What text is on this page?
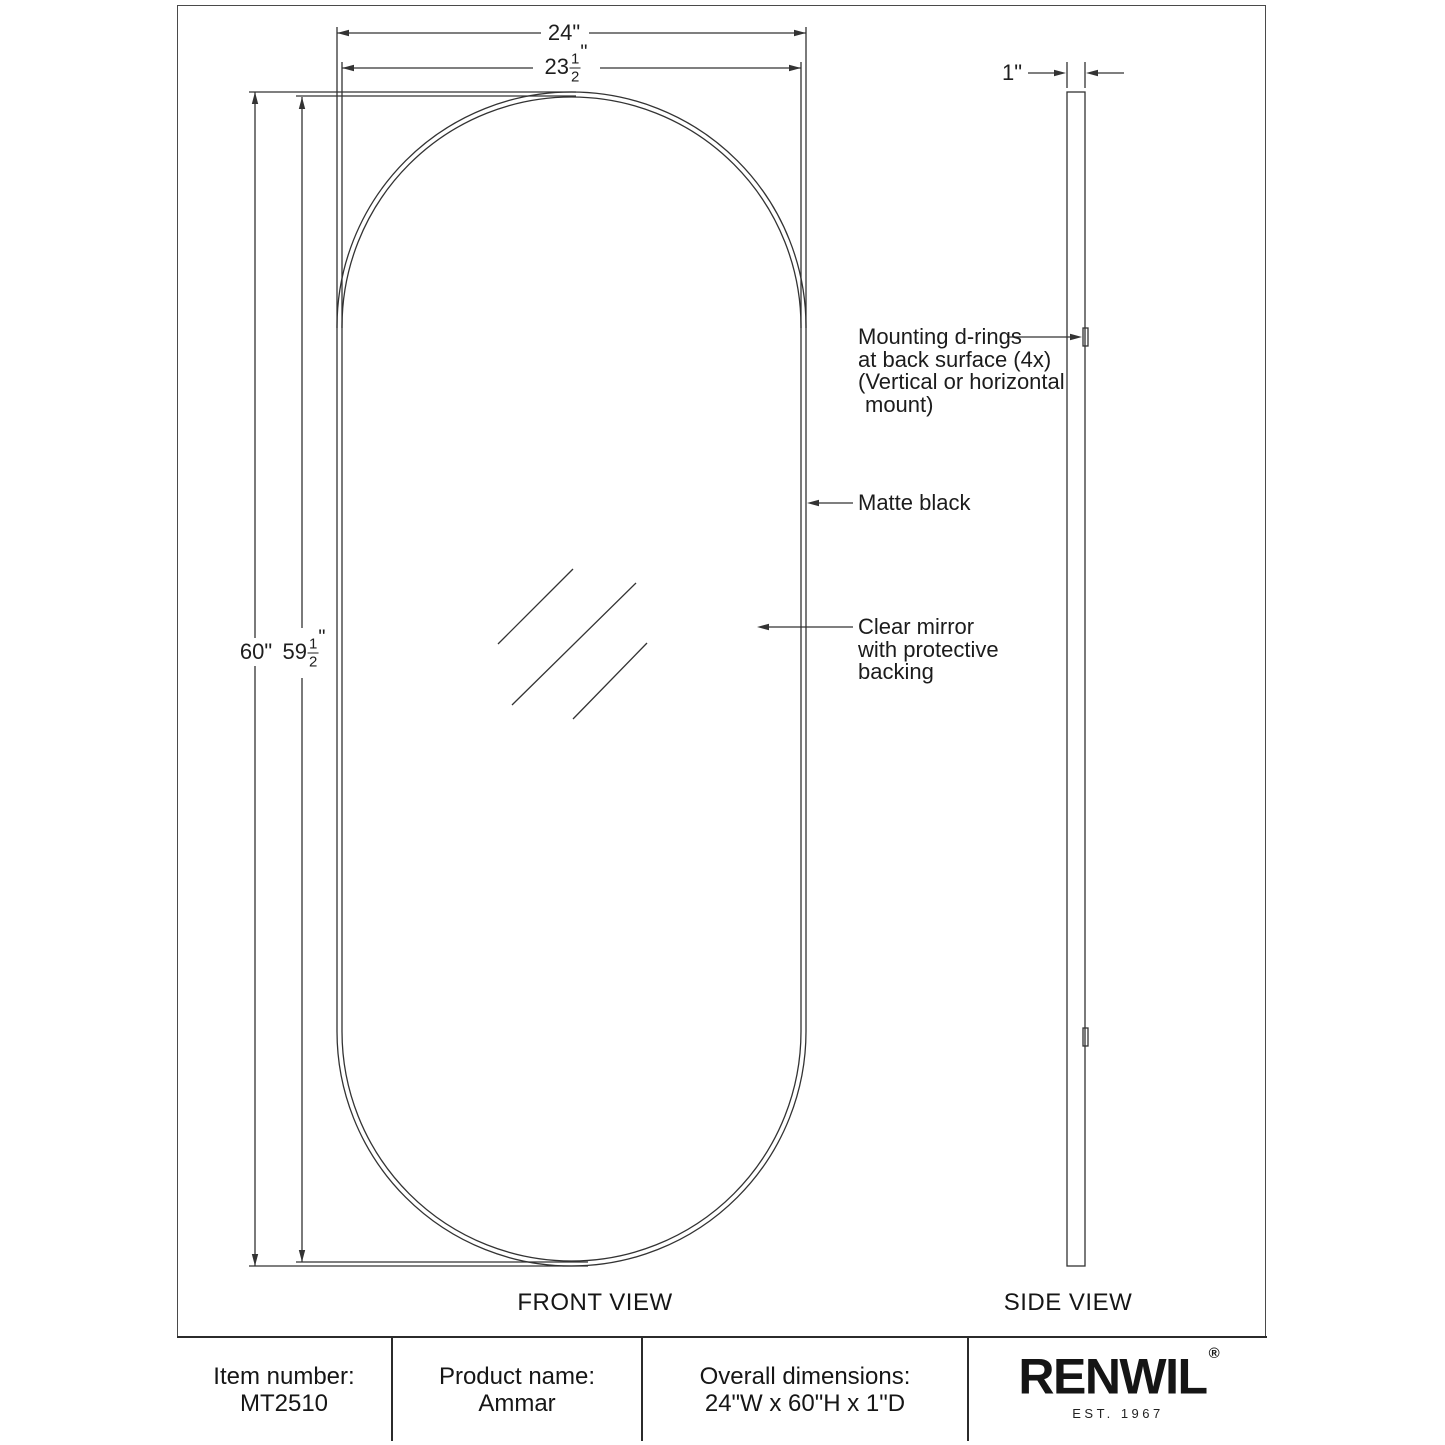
24"
$23 \frac{1}{2}$ "
60" $59 \frac{1}{2}$ "
1"
Mounting d-rings
at back surface (4x)
(Vertical or horizontal
mount)
Matte black
Clear mirror
with protective
backing
FRONT VIEW	SIDE VIEW
Item number:
MT2510
Product name:
Ammar
Overall dimensions:
24"W x 60"H x 1"D RENWIL ®
EST. 1967
